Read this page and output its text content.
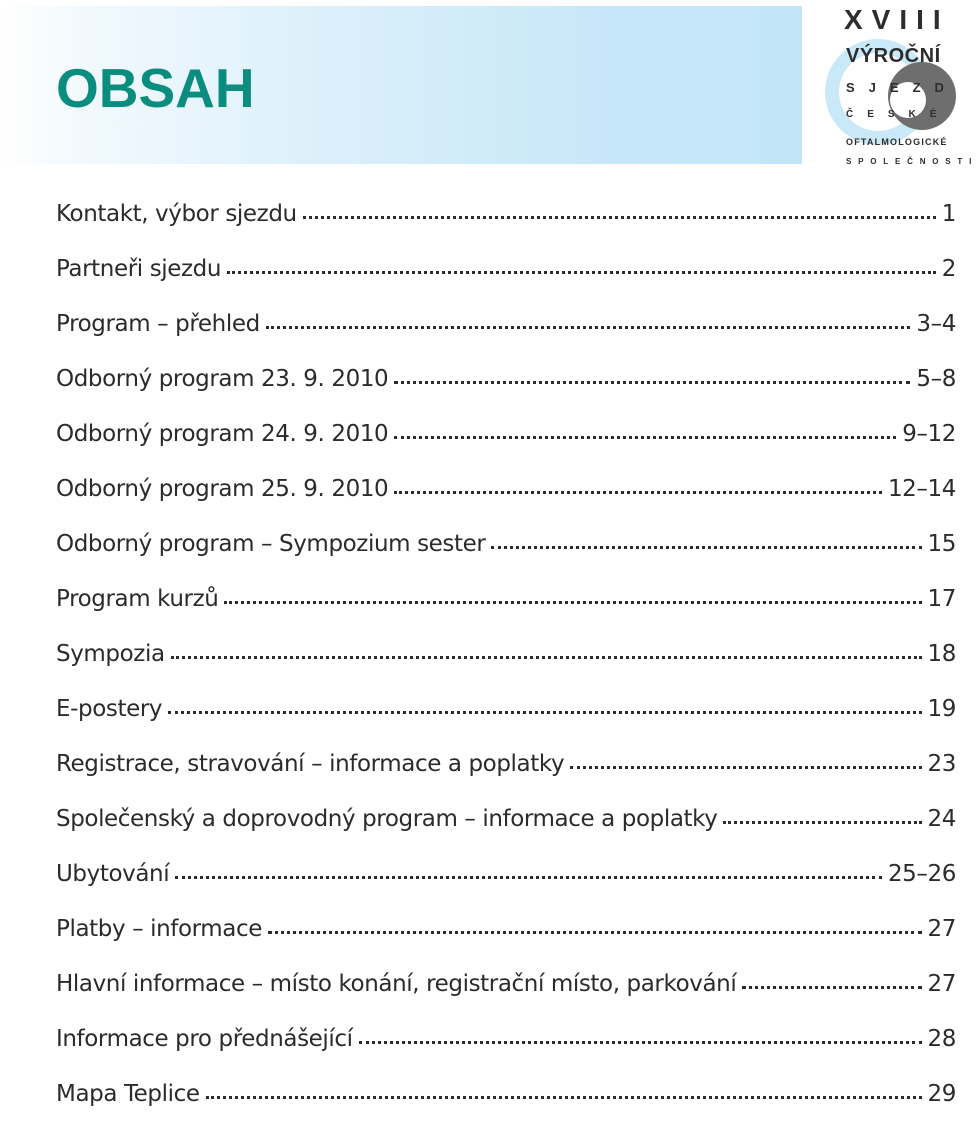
OBSAH
XVIII
VÝROČNÍ
SJEZD
ČESKÉ
OFTALMOLOGICKÉ
SPOLEČNOSTI
Kontakt, výbor sjezdu	1
Partneři sjezdu	2
Program – přehled	3–4
Odborný program 23. 9. 2010	5–8
Odborný program 24. 9. 2010	9–12
Odborný program 25. 9. 2010	12–14
Odborný program – Sympozium sester	15
Program kurzů	17
Sympozia	18
E-postery	19
Registrace, stravování – informace a poplatky	23
Společenský a doprovodný program – informace a poplatky	24
Ubytování	25–26
Platby – informace	27
Hlavní informace – místo konání, registrační místo, parkování	27
Informace pro přednášející	28
Mapa Teplice	29
